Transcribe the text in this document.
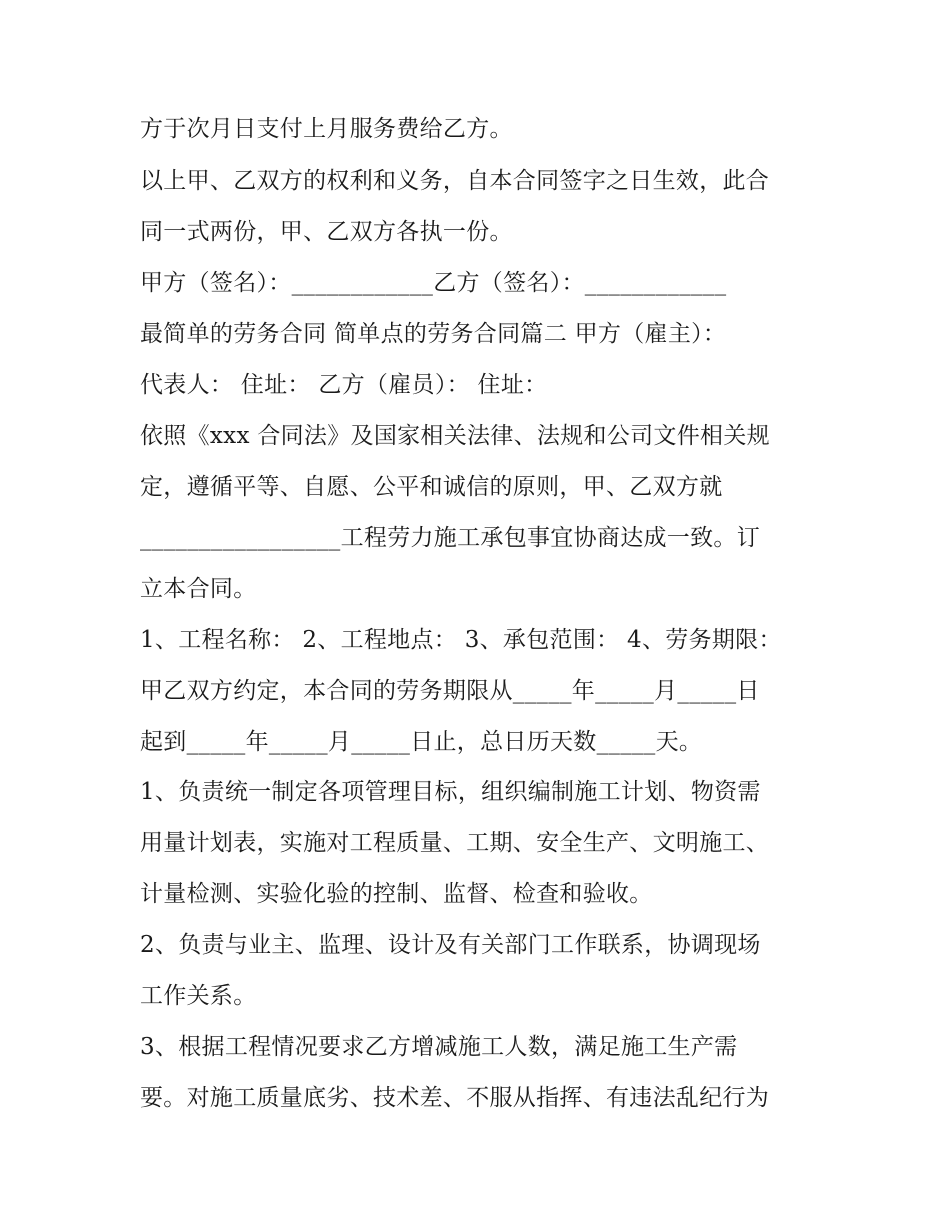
方于次月日支付上月服务费给乙方。
以上甲、乙双方的权利和义务，自本合同签字之日生效，此合
同一式两份，甲、乙双方各执一份。
甲方（签名）：____________乙方（签名）：____________
最简单的劳务合同 简单点的劳务合同篇二 甲方（雇主）：
代表人： 住址： 乙方（雇员）： 住址：
依照《xxx 合同法》及国家相关法律、法规和公司文件相关规
定，遵循平等、自愿、公平和诚信的原则，甲、乙双方就
_________________工程劳力施工承包事宜协商达成一致。订
立本合同。
1、工程名称： 2、工程地点： 3、承包范围： 4、劳务期限：
甲乙双方约定，本合同的劳务期限从_____年_____月_____日
起到_____年_____月_____日止，总日历天数_____天。
1、负责统一制定各项管理目标，组织编制施工计划、物资需
用量计划表，实施对工程质量、工期、安全生产、文明施工、
计量检测、实验化验的控制、监督、检查和验收。
2、负责与业主、监理、设计及有关部门工作联系，协调现场
工作关系。
3、根据工程情况要求乙方增减施工人数，满足施工生产需
要。对施工质量底劣、技术差、不服从指挥、有违法乱纪行为
